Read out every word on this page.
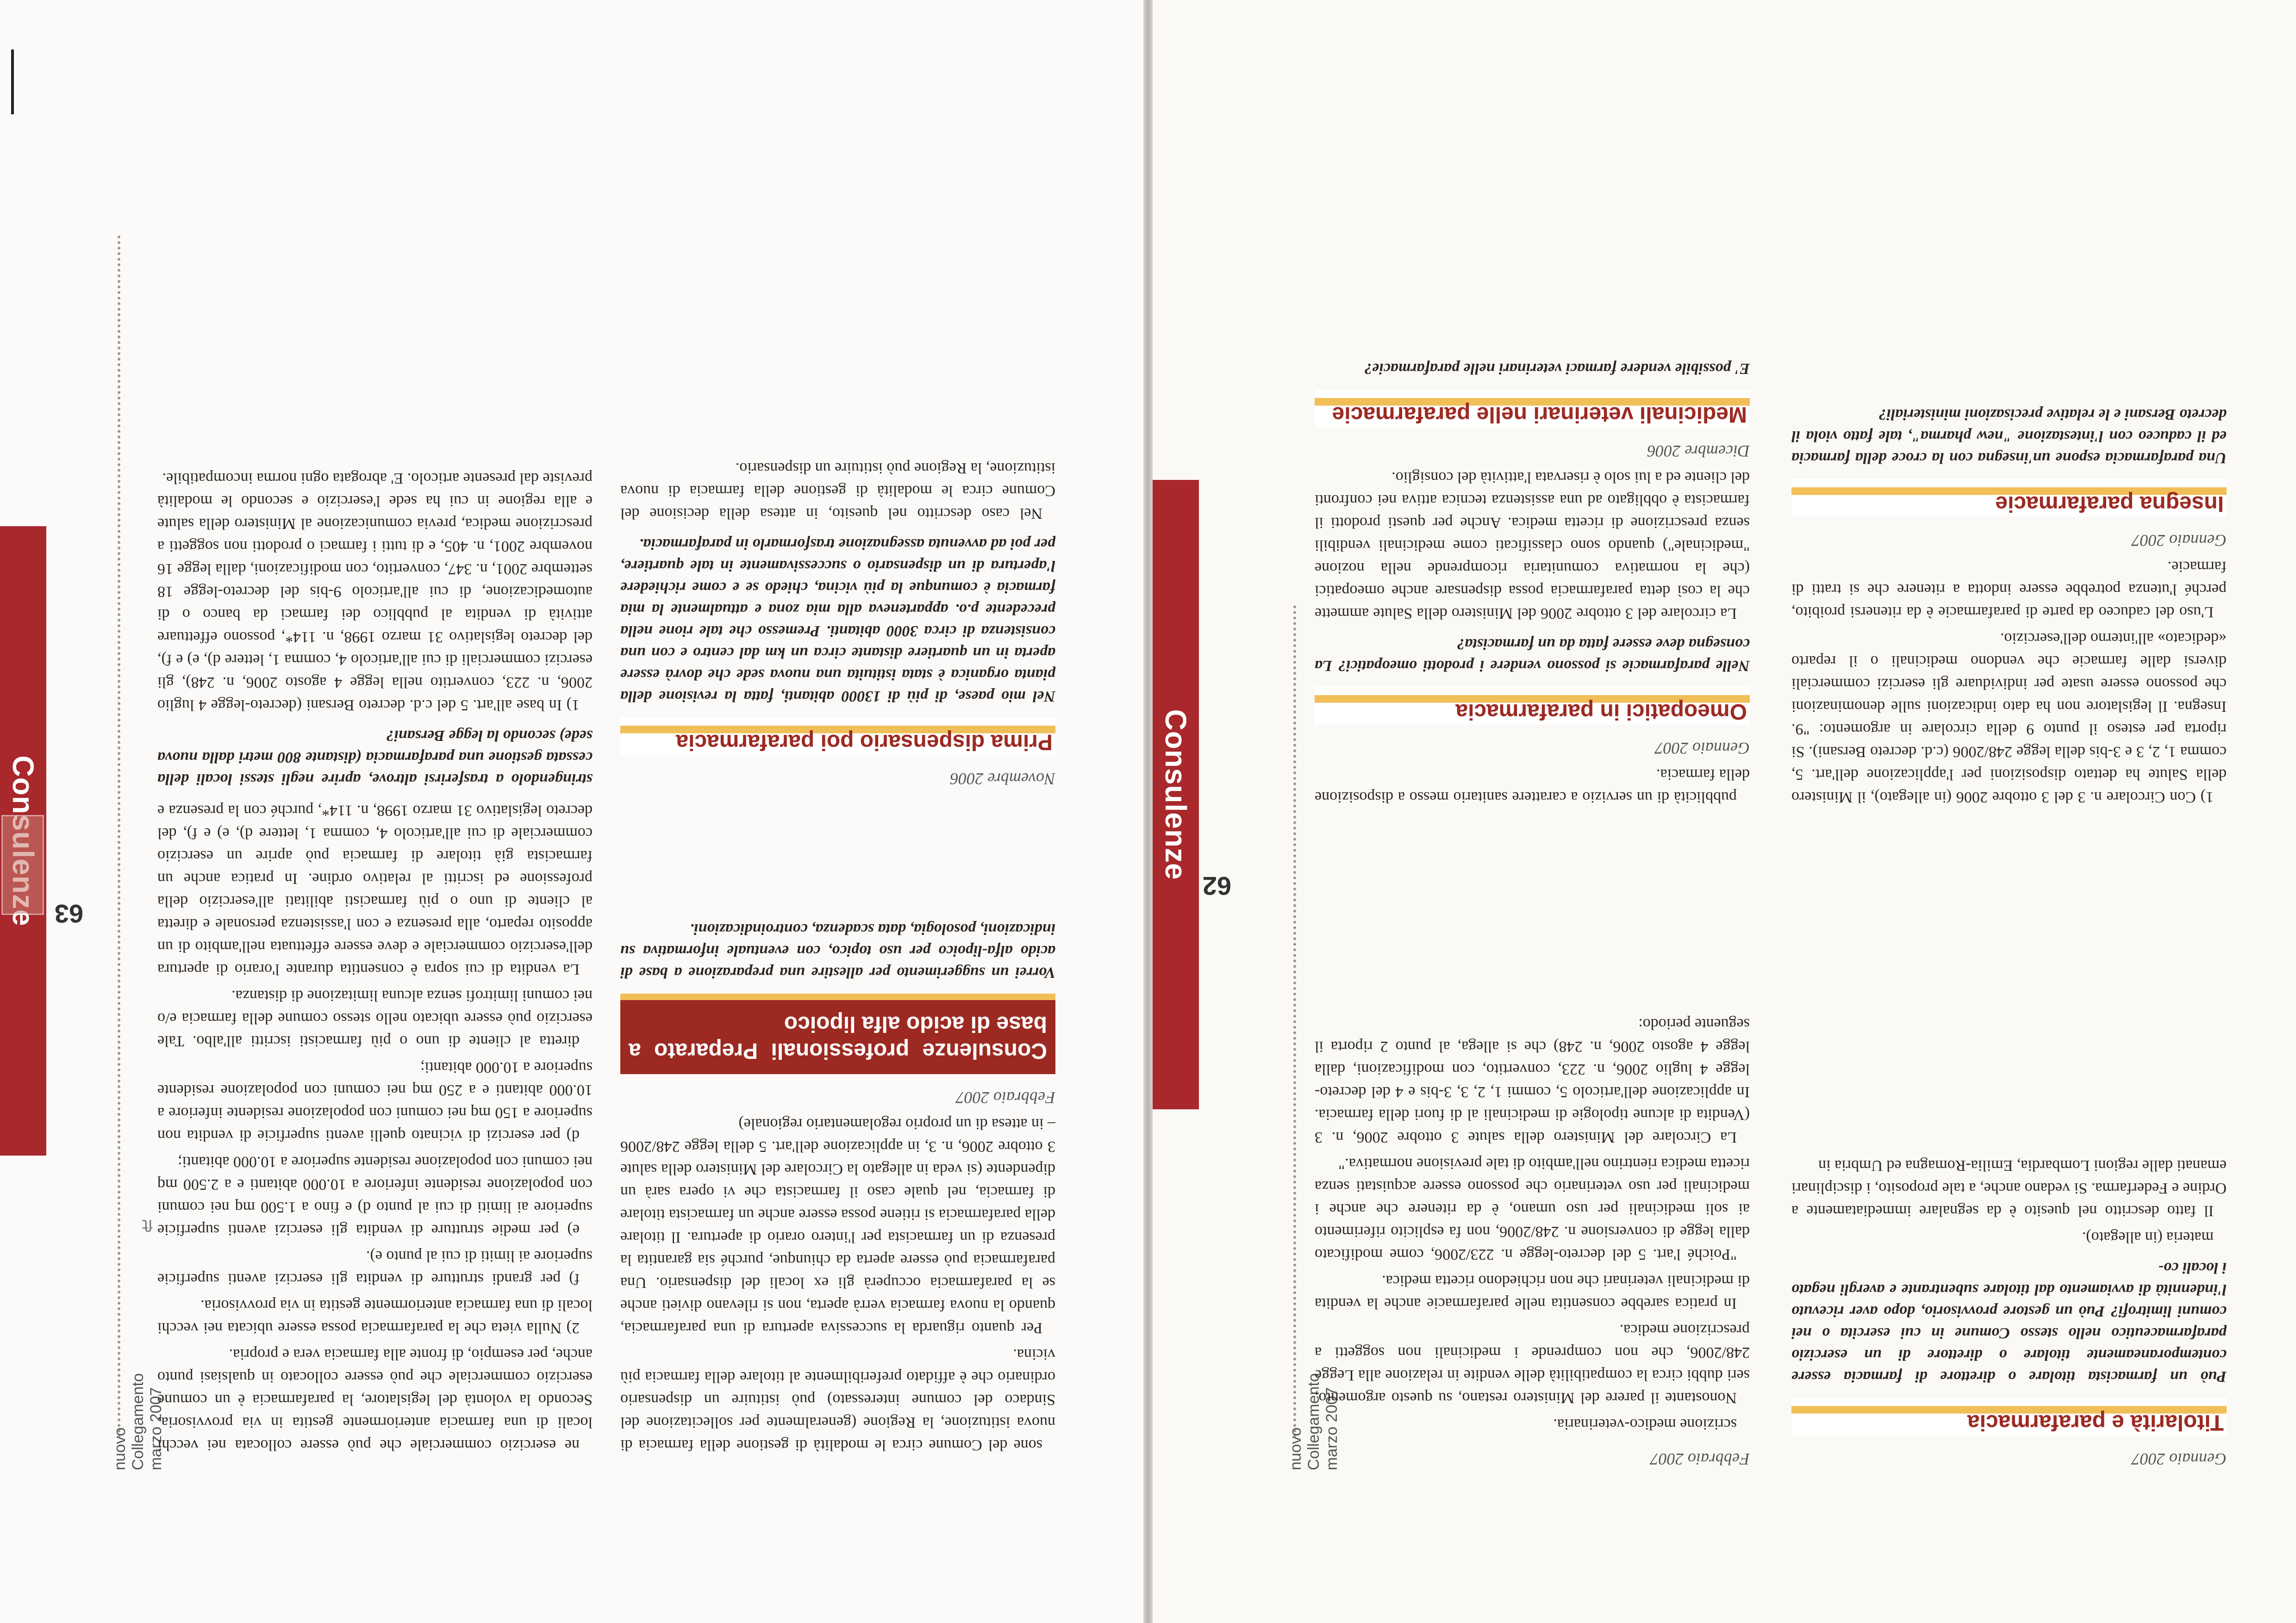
nuovo Collegamento marzo 2007
Consulenze
62
Gennaio 2007
Titolarità e parafarmacia
Può un farmacista titolare o direttore di farmacia essere contemporaneamente titolare o direttore di un esercizio parafarmaceutico nello stesso Comune in cui esercita o nei comuni limitrofi? Può un gestore provvisorio, dopo aver ricevuto l'indennità di avviamento dal titolare subentrante e avergli negato i locali co-

materia (in allegato).

Il fatto descritto nel quesito è da segnalare immediatamente a Ordine e Federfarma. Si vedano anche, a tale proposito, i disciplinari emanati dalle regioni Lombardia, Emilia-Romagna ed Umbria in

Febbraio 2007

scrizione medico-veterinaria.

Nonostante il parere del Ministero restano, su questo argomento, seri dubbi circa la compatibilità delle vendite in relazione alla Legge 248/2006, che non comprende i medicinali non soggetti a prescrizione medica.

In pratica sarebbe consentita nelle parafarmacie anche la vendita di medicinali veterinari che non richiedono ricetta medica.

"Poiché l'art. 5 del decreto-legge n. 223/2006, come modificato dalla legge di conversione n. 248/2006, non fa esplicito riferimento ai soli medicinali per uso umano, è da ritenere che anche i medicinali per uso veterinario che possono essere acquistati senza ricetta medica rientrino nell'ambito di tale previsione normativa."

La Circolare del Ministero della salute 3 ottobre 2006, n. 3 (Vendita di alcune tipologie di medicinali al di fuori della farmacia. In applicazione dell'articolo 5, commi 1, 2, 3, 3-bis e 4 del decreto-legge 4 luglio 2006, n. 223, convertito, con modificazioni, dalla legge 4 agosto 2006, n. 248) che si allega, al punto 2 riporta il seguente periodo:

1) Con Circolare n. 3 del 3 ottobre 2006 (in allegato), il Ministero della Salute ha dettato disposizioni per l'applicazione dell'art. 5, comma 1, 2, 3 e 3-bis della legge 248/2006 (c.d. decreto Bersani). Si riporta per esteso il punto 9 della circolare in argomento: "9. Insegna. Il legislatore non ha dato indicazioni sulle denominazioni che possono essere usate per individuare gli esercizi commerciali diversi dalle farmacie che vendono medicinali o il reparto «dedicato» all'interno dell'esercizio.

L'uso del caduceo da parte di parafarmacie è da ritenersi proibito, perché l'utenza potrebbe essere indotta a ritenere che si tratti di farmacie.

Gennaio 2007
Insegna parafarmacie
Una parafarmacia espone un'insegna con la croce della farmacia ed il caduceo con l'intestazione "new pharma", tale fatto viola il decreto Bersani e le relative precisazioni ministeriali?

pubblicità di un servizio a carattere sanitario messo a disposizione della farmacia.

Gennaio 2007
Omeopatici in parafarmacia
Nelle parafarmacie si possono vendere i prodotti omeopatici? La consegna deve essere fatta da un farmacista?

La circolare del 3 ottobre 2006 del Ministero della Salute ammette che la così detta parafarmacia possa dispensare anche omeopatici (che la normativa comunitaria ricomprende nella nozione "medicinale") quando sono classificati come medicinali vendibili senza prescrizione di ricetta medica. Anche per questi prodotti il farmacista è obbligato ad una assistenza tecnica attiva nei confronti del cliente ed a lui solo è riservata l'attività del consiglio.

Dicembre 2006
Medicinali veterinari nelle parafarmacie
E' possibile vendere farmaci veterinari nelle parafarmacie?
nuovo Collegamento marzo 2007
63
ﬅ

sone del Comune circa le modalità di gestione della farmacia di nuova istituzione, la Regione (generalmente per sollecitazione del Sindaco del comune interessato) può istituire un dispensario ordinario che è affidato preferibilmente al titolare della farmacia più vicina.

Per quanto riguarda la successiva apertura di una parafarmacia, quando la nuova farmacia verrà aperta, non si rilevano divieti anche se la parafarmacia occuperà gli ex locali del dispensario. Una parafarmacia può essere aperta da chiunque, purché sia garantita la presenza di un farmacista per l'intero orario di apertura. Il titolare della parafarmacia si ritiene possa essere anche un farmacista titolare di farmacia, nel quale caso il farmacista che vi opera sarà un dipendente (si veda in allegato la Circolare del Ministero della salute 3 ottobre 2006, n. 3, in applicazione dell'art. 5 della legge 248/2006 – in attesa di un proprio regolamentario regionale)

Febbraio 2007
Consulenze professionali Preparato a base di acido alfa lipoico
Vorrei un suggerimento per allestire una preparazione a base di acido alfa-lipoico per uso topico, con eventuale informativa su indicazioni, posologia, data scadenza, controindicazioni.

ne esercizio commerciale che può essere collocata nei vecchi locali di una farmacia anteriormente gestita in via provvisoria. Secondo la volontà del legislatore, la parafarmacia è un comune esercizio commerciale che può essere collocato in qualsiasi punto anche, per esempio, di fronte alla farmacia vera e propria.

2) Nulla vieta che la parafarmacia possa essere ubicata nei vecchi locali di una farmacia anteriormente gestita in via provvisoria.

f) per grandi strutture di vendita gli esercizi aventi superficie superiore ai limiti di cui al punto e).

e) per medie strutture di vendita gli esercizi aventi superficie superiore ai limiti di cui al punto d) e fino a 1.500 mq nei comuni con popolazione residente inferiore a 10.000 abitanti e a 2.500 mq nei comuni con popolazione residente superiore a 10.000 abitanti;

d) per esercizi di vicinato quelli aventi superficie di vendita non superiore a 150 mq nei comuni con popolazione residente inferiore a 10.000 abitanti e a 250 mq nei comuni con popolazione residente superiore a 10.000 abitanti;

diretta al cliente di uno o più farmacisti iscritti all'albo. Tale esercizio può essere ubicato nello stesso comune della farmacia e/o nei comuni limitrofi senza alcuna limitazione di distanza.

La vendita di cui sopra è consentita durante l'orario di apertura dell'esercizio commerciale e deve essere effettuata nell'ambito di un apposito reparto, alla presenza e con l'assistenza personale e diretta al cliente di uno o più farmacisti abilitati all'esercizio della professione ed iscritti al relativo ordine. In pratica anche un farmacista già titolare di farmacia può aprire un esercizio commerciale di cui all'articolo 4, comma 1, lettere d), e) e f), del decreto legislativo 31 marzo 1998, n. 114*, purché con la presenza e

Novembre 2006
Prima dispensario poi parafarmacia
Nel mio paese, di più di 13000 abitanti, fatta la revisione della pianta organica è stata istituita una nuova sede che dovrà essere aperta in un quartiere distante circa un km dal centro e con una consistenza di circa 3000 abitanti. Premesso che tale rione nella precedente p.o. apparteneva alla mia zona e attualmente la mia farmacia è comunque la più vicina, chiedo se e come richiedere l'apertura di un dispensario o successivamente in tale quartiere, per poi ad avvenuta assegnazione trasformarlo in parafarmacia.

Nel caso descritto nel quesito, in attesa della decisione del Comune circa le modalità di gestione della farmacia di nuova istituzione, la Regione può istituire un dispensario.

stringendolo a trasferirsi altrove, aprire negli stessi locali della cessata gestione una parafarmacia (distante 800 metri dalla nuova sede) secondo la legge Bersani?

1) In base all'art. 5 del c.d. decreto Bersani (decreto-legge 4 luglio 2006, n. 223, convertito nella legge 4 agosto 2006, n. 248), gli esercizi commerciali di cui all'articolo 4, comma 1, lettere d), e) e f), del decreto legislativo 31 marzo 1998, n. 114*, possono effettuare attività di vendita al pubblico dei farmaci da banco o di automedicazione, di cui all'articolo 9-bis del decreto-legge 18 settembre 2001, n. 347, convertito, con modificazioni, dalla legge 16 novembre 2001, n. 405, e di tutti i farmaci o prodotti non soggetti a prescrizione medica, previa comunicazione al Ministero della salute e alla regione in cui ha sede l'esercizio e secondo le modalità previste dal presente articolo. E' abrogata ogni norma incompatibile.
